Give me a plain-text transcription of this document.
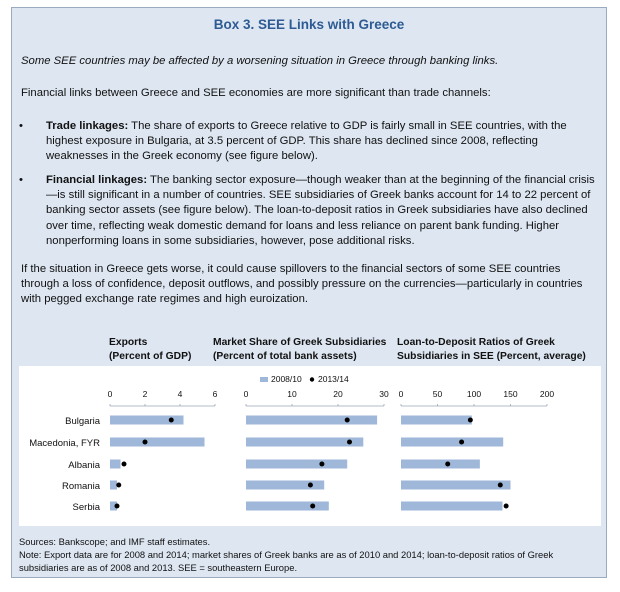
Box 3. SEE Links with Greece
Some SEE countries may be affected by a worsening situation in Greece through banking links.
Financial links between Greece and SEE economies are more significant than trade channels:
• Trade linkages: The share of exports to Greece relative to GDP is fairly small in SEE countries, with the highest exposure in Bulgaria, at 3.5 percent of GDP. This share has declined since 2008, reflecting weaknesses in the Greek economy (see figure below).
• Financial linkages: The banking sector exposure—though weaker than at the beginning of the financial crisis—is still significant in a number of countries. SEE subsidiaries of Greek banks account for 14 to 22 percent of banking sector assets (see figure below). The loan-to-deposit ratios in Greek subsidiaries have also declined over time, reflecting weak domestic demand for loans and less reliance on parent bank funding. Higher nonperforming loans in some subsidiaries, however, pose additional risks.
If the situation in Greece gets worse, it could cause spillovers to the financial sectors of some SEE countries through a loss of confidence, deposit outflows, and possibly pressure on the currencies—particularly in countries with pegged exchange rate regimes and high euroization.
Exports
(Percent of GDP)
Market Share of Greek Subsidiaries
(Percent of total bank assets)
Loan-to-Deposit Ratios of Greek
Subsidiaries in SEE (Percent, average)
Bulgaria
Macedonia, FYR
Albania
Romania
Serbia
2008/10 2013/14
0	2	4	6	0	10	20	30 0	50	100	150	200
Sources: Bankscope; and IMF staff estimates.
Note: Export data are for 2008 and 2014; market shares of Greek banks are as of 2010 and 2014; loan-to-deposit ratios of Greek subsidiaries are as of 2008 and 2013. SEE = southeastern Europe.
